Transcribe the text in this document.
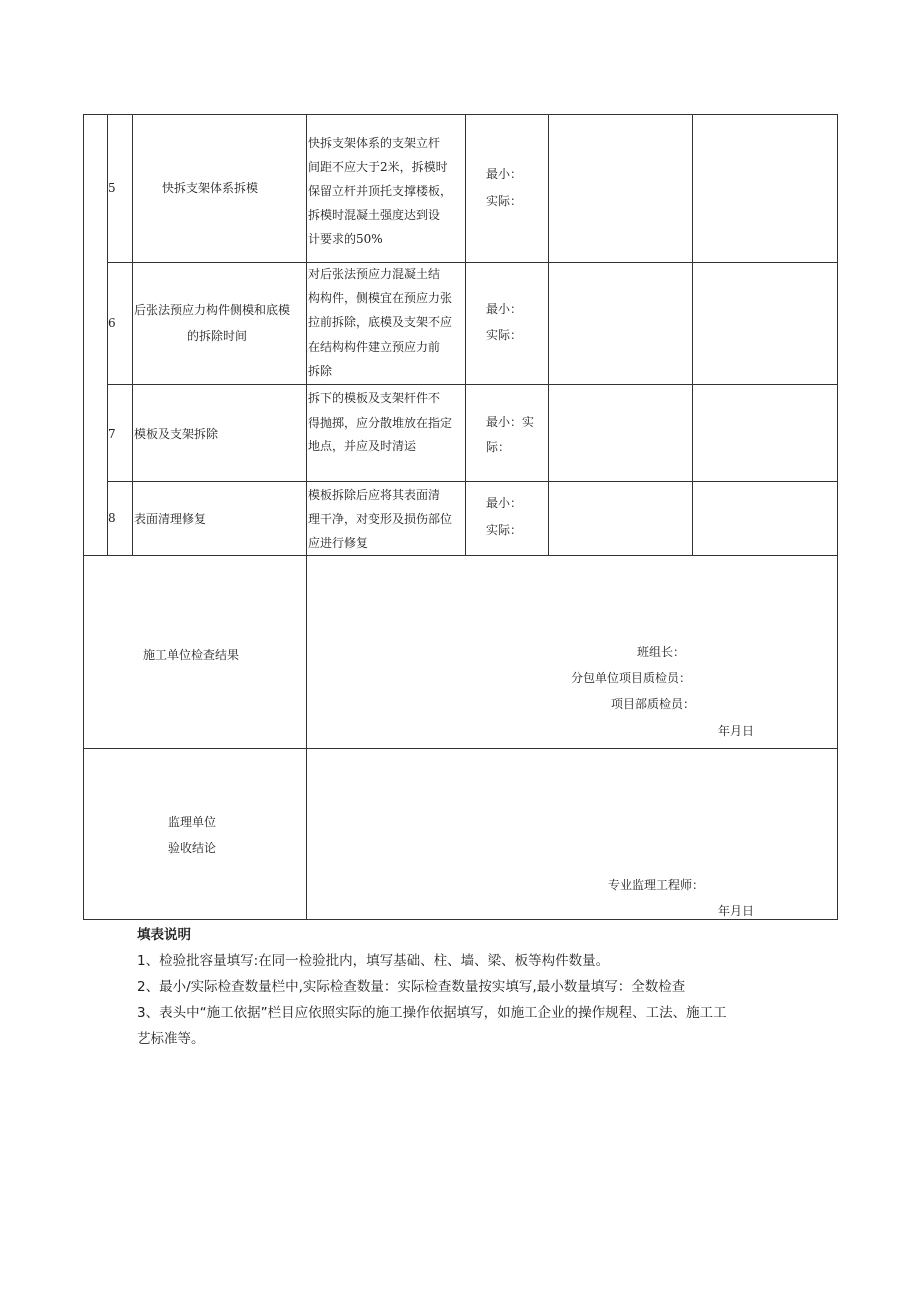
5	快拆支架体系拆模
快拆支架体系的支架立杆
间距不应大于2米，拆模时
保留立杆并顶托支撑楼板，
拆模时混凝土强度达到设
计要求的50%
最小：
实际：
6
后张法预应力构件侧模和底模
的拆除时间
对后张法预应力混凝土结
构构件，侧模宜在预应力张
拉前拆除，底模及支架不应
在结构构件建立预应力前
拆除
最小：
实际：
7 模板及支架拆除
拆下的模板及支架杆件不
得抛掷，应分散堆放在指定
地点，并应及时清运
最小：实
际：
8 表面清理修复
模板拆除后应将其表面清
理干净，对变形及损伤部位
应进行修复
最小：
实际：
施工单位检查结果	班组长：
分包单位项目质检员：
项目部质检员：
年月日
监理单位
验收结论
专业监理工程师：
年月日
填表说明
1、检验批容量填写:在同一检验批内，填写基础、柱、墙、梁、板等构件数量。
2、最小/实际检查数量栏中,实际检查数量：实际检查数量按实填写,最小数量填写：全数检查
3、表头中“施工依据”栏目应依照实际的施工操作依据填写，如施工企业的操作规程、工法、施工工
艺标准等。
